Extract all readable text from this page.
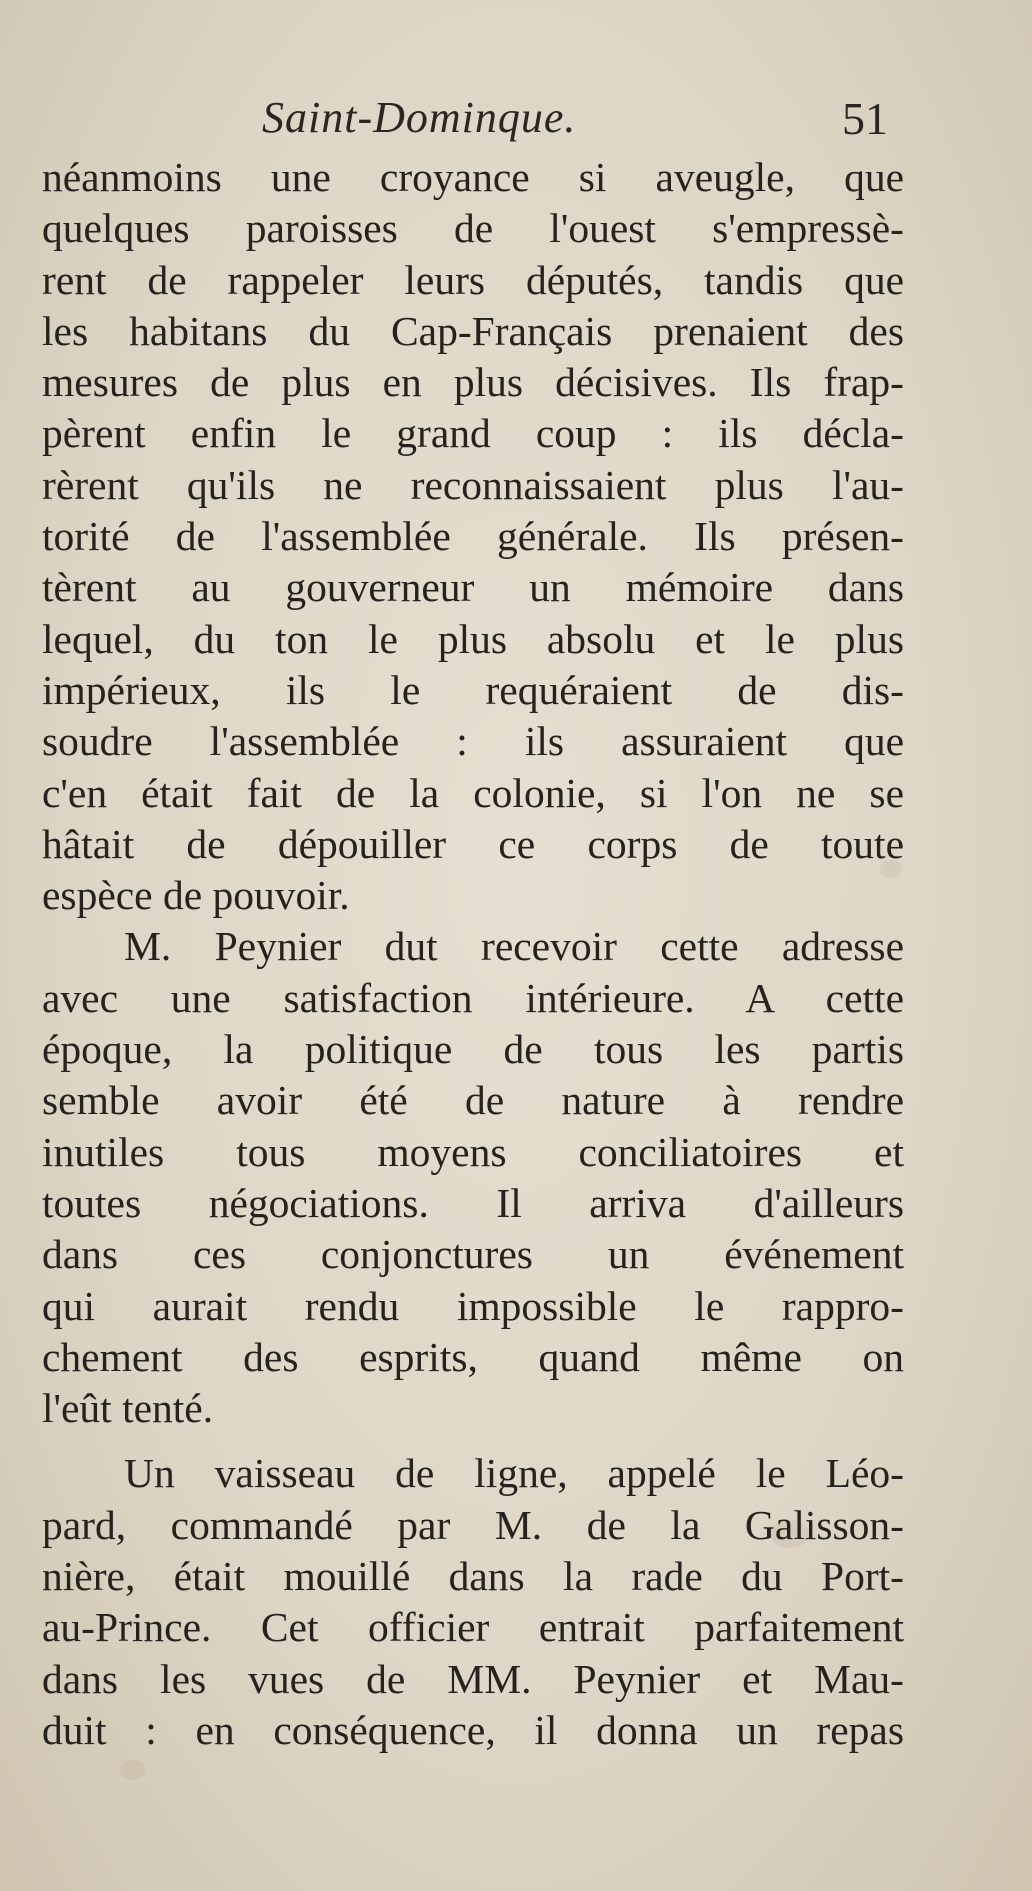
Saint-Dominque.	51
néanmoins une croyance si aveugle, que
quelques paroisses de l'ouest s'empressè-
rent de rappeler leurs députés, tandis que
les habitans du Cap-Français prenaient des
mesures de plus en plus décisives. Ils frap-
pèrent enfin le grand coup : ils décla-
rèrent qu'ils ne reconnaissaient plus l'au-
torité de l'assemblée générale. Ils présen-
tèrent au gouverneur un mémoire dans
lequel, du ton le plus absolu et le plus
impérieux, ils le requéraient de dis-
soudre l'assemblée : ils assuraient que
c'en était fait de la colonie, si l'on ne se
hâtait de dépouiller ce corps de toute
espèce de pouvoir.
M. Peynier dut recevoir cette adresse
avec une satisfaction intérieure. A cette
époque, la politique de tous les partis
semble avoir été de nature à rendre
inutiles tous moyens conciliatoires et
toutes négociations. Il arriva d'ailleurs
dans ces conjonctures un événement
qui aurait rendu impossible le rappro-
chement des esprits, quand même on
l'eût tenté.
Un vaisseau de ligne, appelé le Léo-
pard, commandé par M. de la Galisson-
nière, était mouillé dans la rade du Port-
au-Prince. Cet officier entrait parfaitement
dans les vues de MM. Peynier et Mau-
duit : en conséquence, il donna un repas
